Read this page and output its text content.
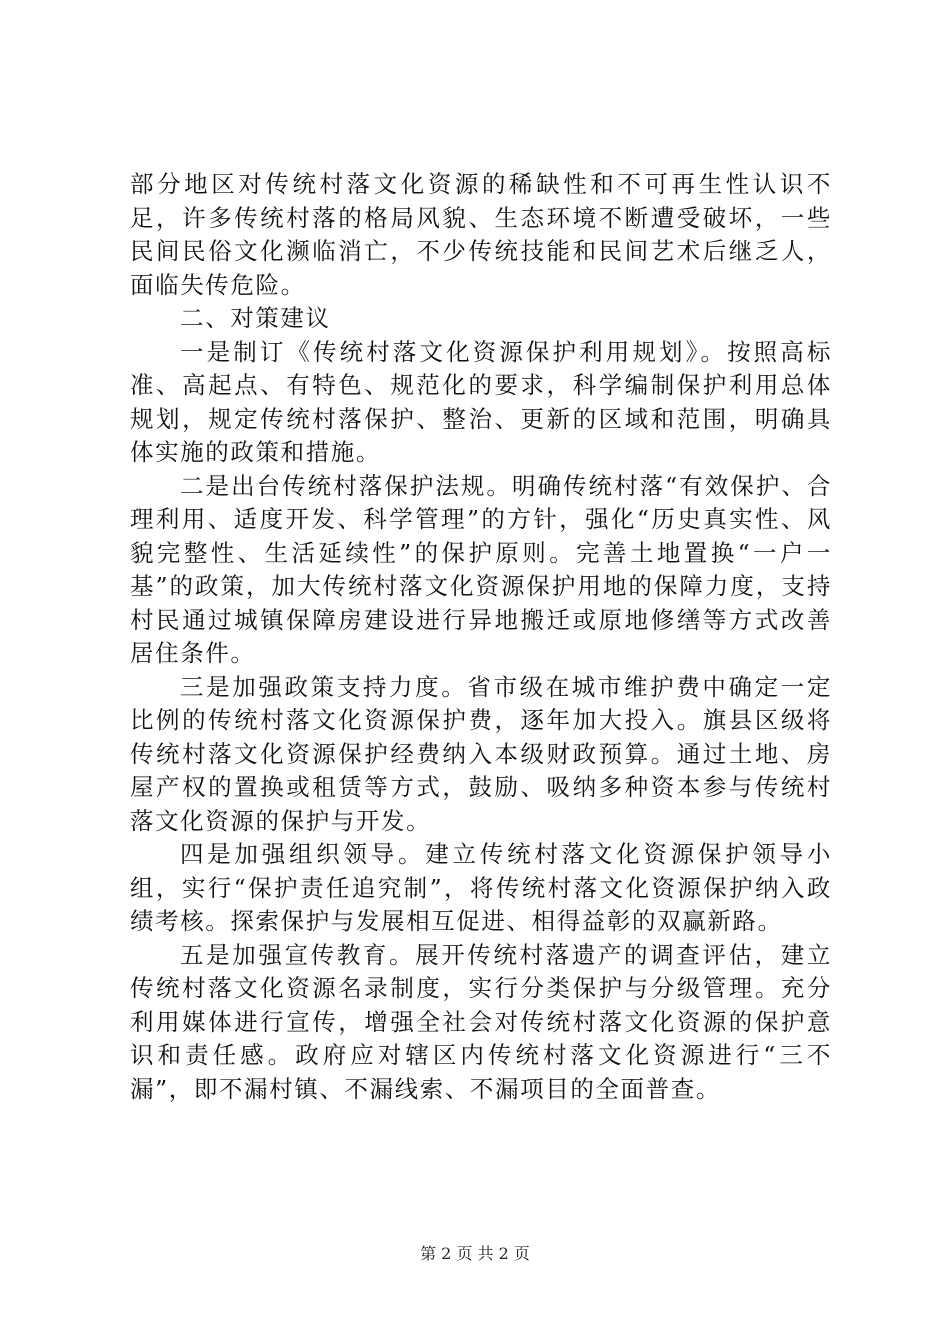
部分地区对传统村落文化资源的稀缺性和不可再生性认识不足，许多传统村落的格局风貌、生态环境不断遭受破坏，一些民间民俗文化濒临消亡，不少传统技能和民间艺术后继乏人，面临失传危险。

二、对策建议

一是制订《传统村落文化资源保护利用规划》。按照高标准、高起点、有特色、规范化的要求，科学编制保护利用总体规划，规定传统村落保护、整治、更新的区域和范围，明确具体实施的政策和措施。

二是出台传统村落保护法规。明确传统村落“有效保护、合理利用、适度开发、科学管理”的方针，强化“历史真实性、风貌完整性、生活延续性”的保护原则。完善土地置换“一户一基”的政策，加大传统村落文化资源保护用地的保障力度，支持村民通过城镇保障房建设进行异地搬迁或原地修缮等方式改善居住条件。

三是加强政策支持力度。省市级在城市维护费中确定一定比例的传统村落文化资源保护费，逐年加大投入。旗县区级将传统村落文化资源保护经费纳入本级财政预算。通过土地、房屋产权的置换或租赁等方式，鼓励、吸纳多种资本参与传统村落文化资源的保护与开发。

四是加强组织领导。建立传统村落文化资源保护领导小组，实行“保护责任追究制”，将传统村落文化资源保护纳入政绩考核。探索保护与发展相互促进、相得益彰的双赢新路。

五是加强宣传教育。展开传统村落遗产的调查评估，建立传统村落文化资源名录制度，实行分类保护与分级管理。充分利用媒体进行宣传，增强全社会对传统村落文化资源的保护意识和责任感。政府应对辖区内传统村落文化资源进行“三不漏”，即不漏村镇、不漏线索、不漏项目的全面普查。

第 2 页 共 2 页
